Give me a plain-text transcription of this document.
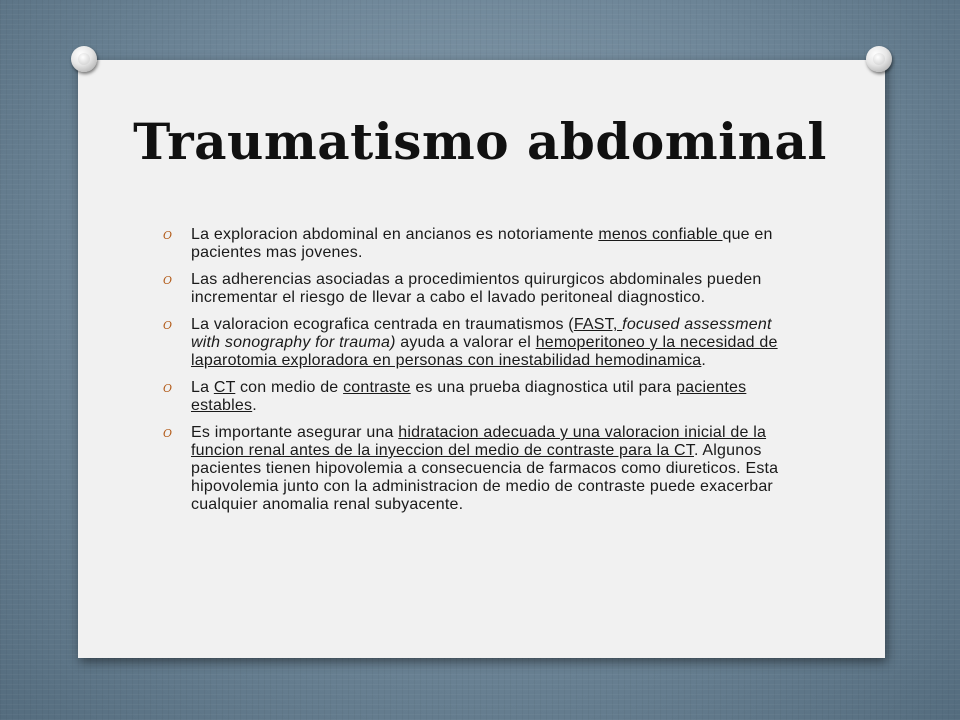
Traumatismo abdominal
O La exploracion abdominal en ancianos es notoriamente menos confiable que en pacientes mas jovenes.
O Las adherencias asociadas a procedimientos quirurgicos abdominales pueden incrementar el riesgo de llevar a cabo el lavado peritoneal diagnostico.
O La valoracion ecografica centrada en traumatismos (FAST, focused assessment with sonography for trauma) ayuda a valorar el hemoperitoneo y la necesidad de laparotomia exploradora en personas con inestabilidad hemodinamica.
O La CT con medio de contraste es una prueba diagnostica util para pacientes estables.
O Es importante asegurar una hidratacion adecuada y una valoracion inicial de la funcion renal antes de la inyeccion del medio de contraste para la CT. Algunos pacientes tienen hipovolemia a consecuencia de farmacos como diureticos. Esta hipovolemia junto con la administracion de medio de contraste puede exacerbar cualquier anomalia renal subyacente.
